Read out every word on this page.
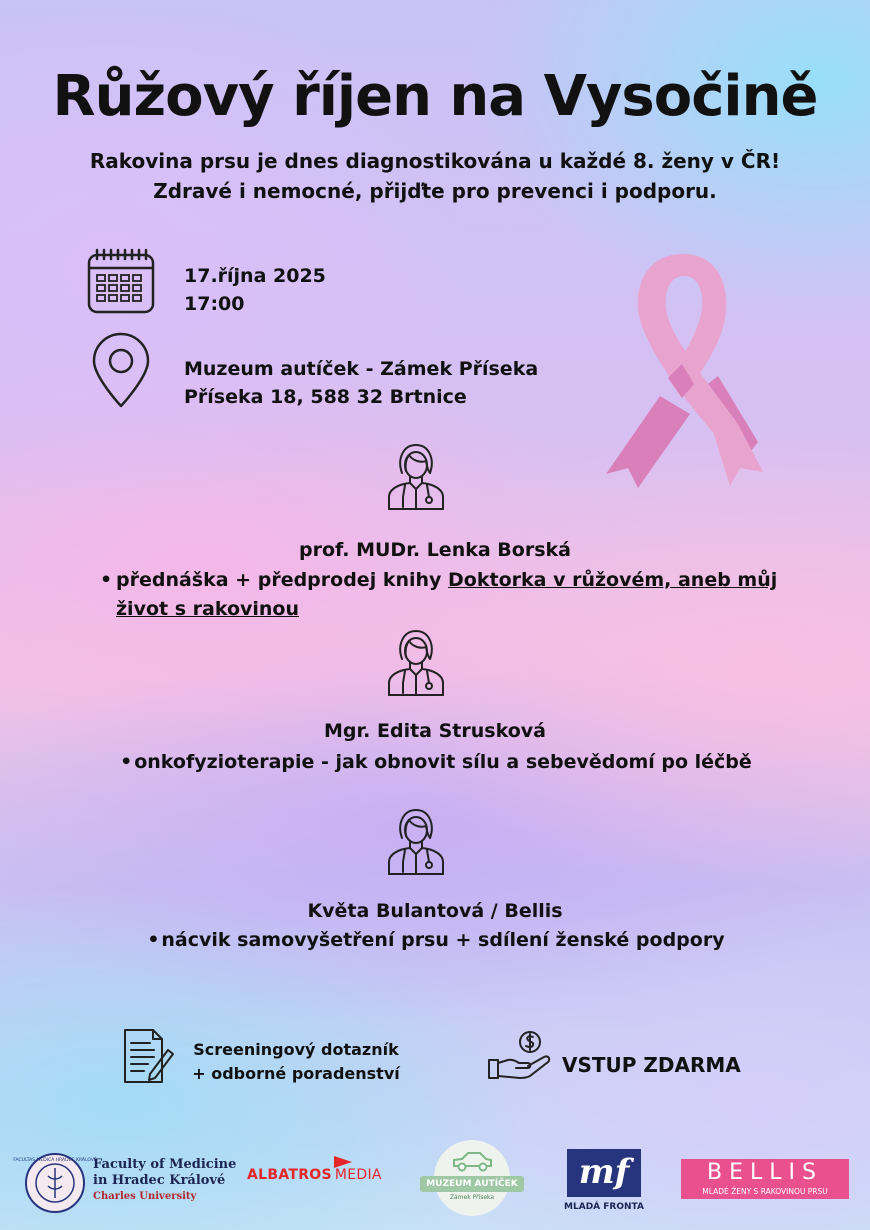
Růžový říjen na Vysočině
Rakovina prsu je dnes diagnostikována u každé 8. ženy v ČR!
Zdravé i nemocné, přijďte pro prevenci i podporu.
17.října 2025
17:00
Muzeum autíček - Zámek Příseka
Příseka 18, 588 32 Brtnice
prof. MUDr. Lenka Borská
• přednáška + předprodej knihy Doktorka v růžovém, aneb můj
život s rakovinou
Mgr. Edita Strusková
• onkofyzioterapie - jak obnovit sílu a sebevědomí po léčbě
Květa Bulantová / Bellis
• nácvik samovyšetření prsu + sdílení ženské podpory
Screeningový dotazník
+ odborné poradenství	VSTUP ZDARMA
FACULTAS MEDICA HRADEC KRÁLOVÉ
Faculty of Medicine
in Hradec Králové
Charles University
ALBATROS MEDIA
MUZEUM AUTÍČEK
Zámek Příseka
mf
MLADÁ FRONTA
BELLIS
MLADÉ ŽENY S RAKOVINOU PRSU
